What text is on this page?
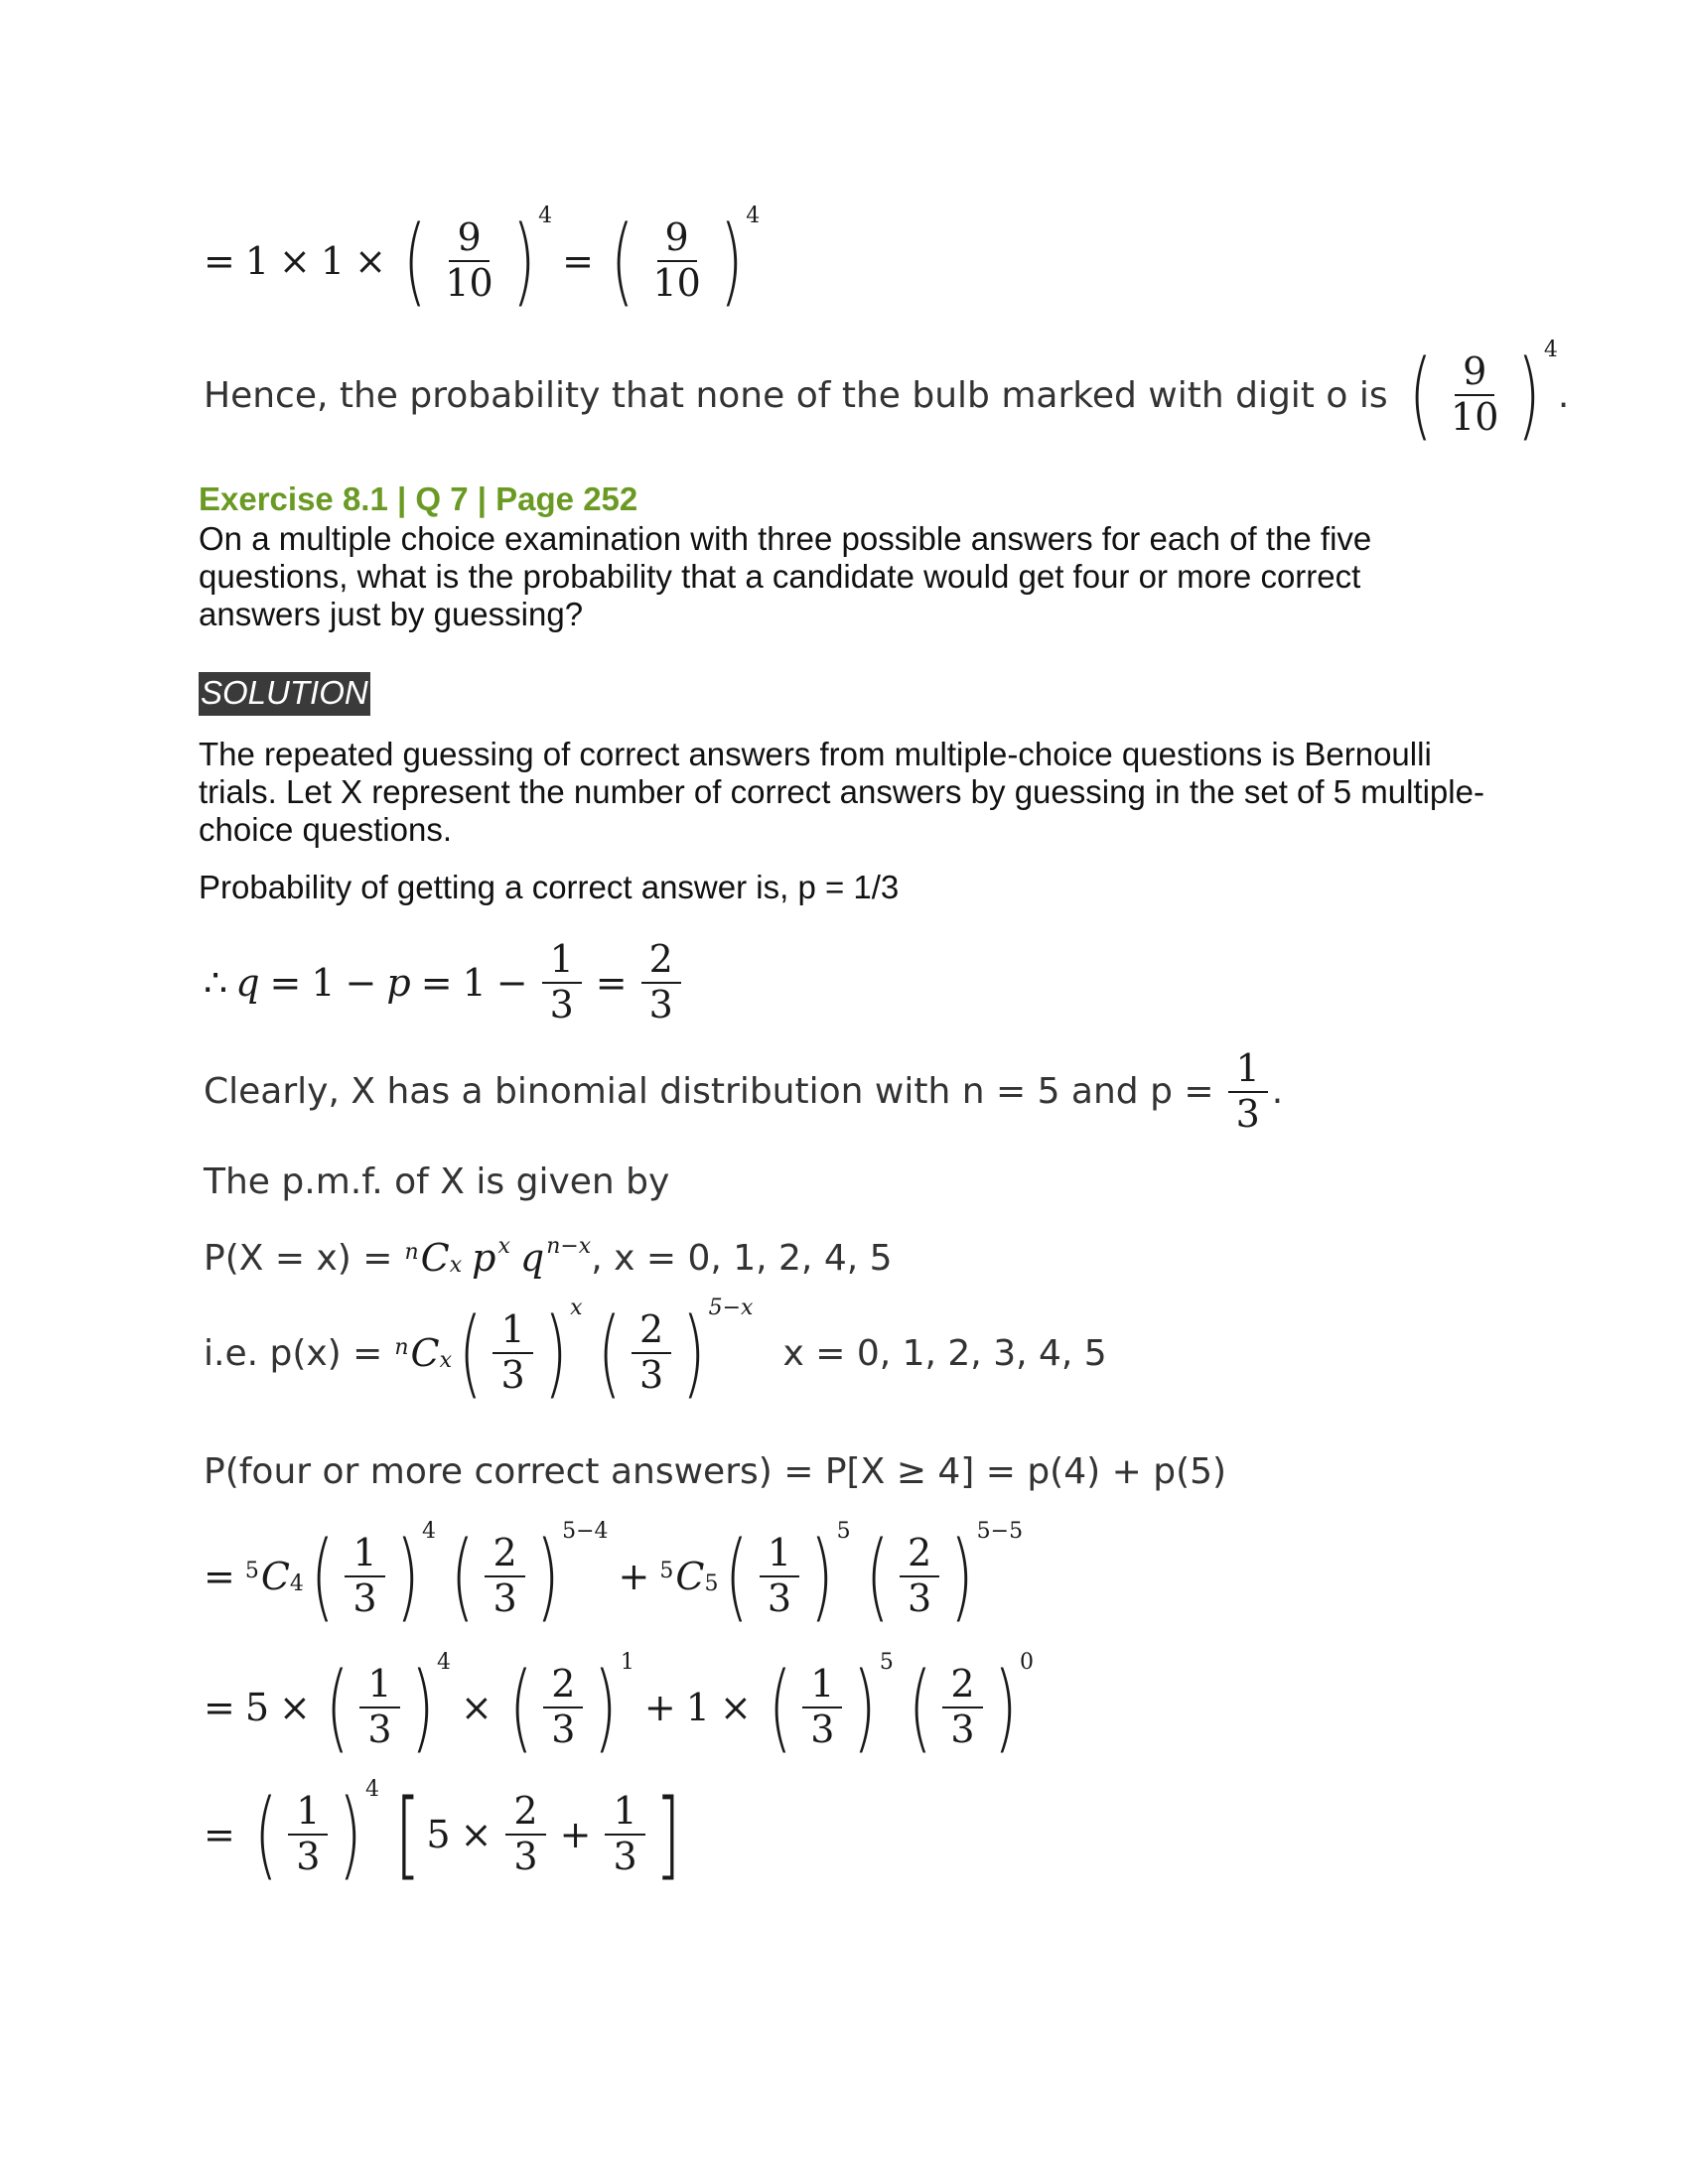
= 1 × 1 × ( $\frac{9}{10}$ ) 4
= ( $\frac{9}{10}$ ) 4
Hence, the probability that none of the bulb marked with digit o is ( $\frac{9}{10}$ ) 4
.
Exercise 8.1 | Q 7 | Page 252
On a multiple choice examination with three possible answers for each of the five questions, what is the probability that a candidate would get four or more correct answers just by guessing?
SOLUTION
The repeated guessing of correct answers from multiple-choice questions is Bernoulli trials. Let X represent the number of correct answers by guessing in the set of 5 multiple-choice questions.
Probability of getting a correct answer is, p = 1/3
∴ $q = 1 - p = 1 - \frac{1}{3} = \frac{2}{3}$
Clearly, X has a binomial distribution with n = 5 and $p = \frac{1}{3}$ .
The p.m.f. of X is given by
P(X = x) = n C x p x q n−x , x = 0, 1, 2, 4, 5
i.e. p(x) = n C x ( $\frac{1}{3}$ ) x ( $\frac{2}{3}$ ) 5−x
x = 0, 1, 2, 3, 4, 5
P(four or more correct answers) = P[X ≥ 4] = p(4) + p(5)
= 5 C 4 ( $\frac{1}{3}$ ) 4 ( $\frac{2}{3}$ ) 5−4
+ 5 C 5 ( $\frac{1}{3}$ ) 5 ( $\frac{2}{3}$ ) 5−5
= 5 × ( $\frac{1}{3}$ ) 4
× ( $\frac{2}{3}$ ) 1
+ 1 × ( $\frac{1}{3}$ ) 5 ( $\frac{2}{3}$ ) 0
= ( $\frac{1}{3}$ ) 4 [ $5 \times \frac{2}{3} + \frac{1}{3}$ ]
